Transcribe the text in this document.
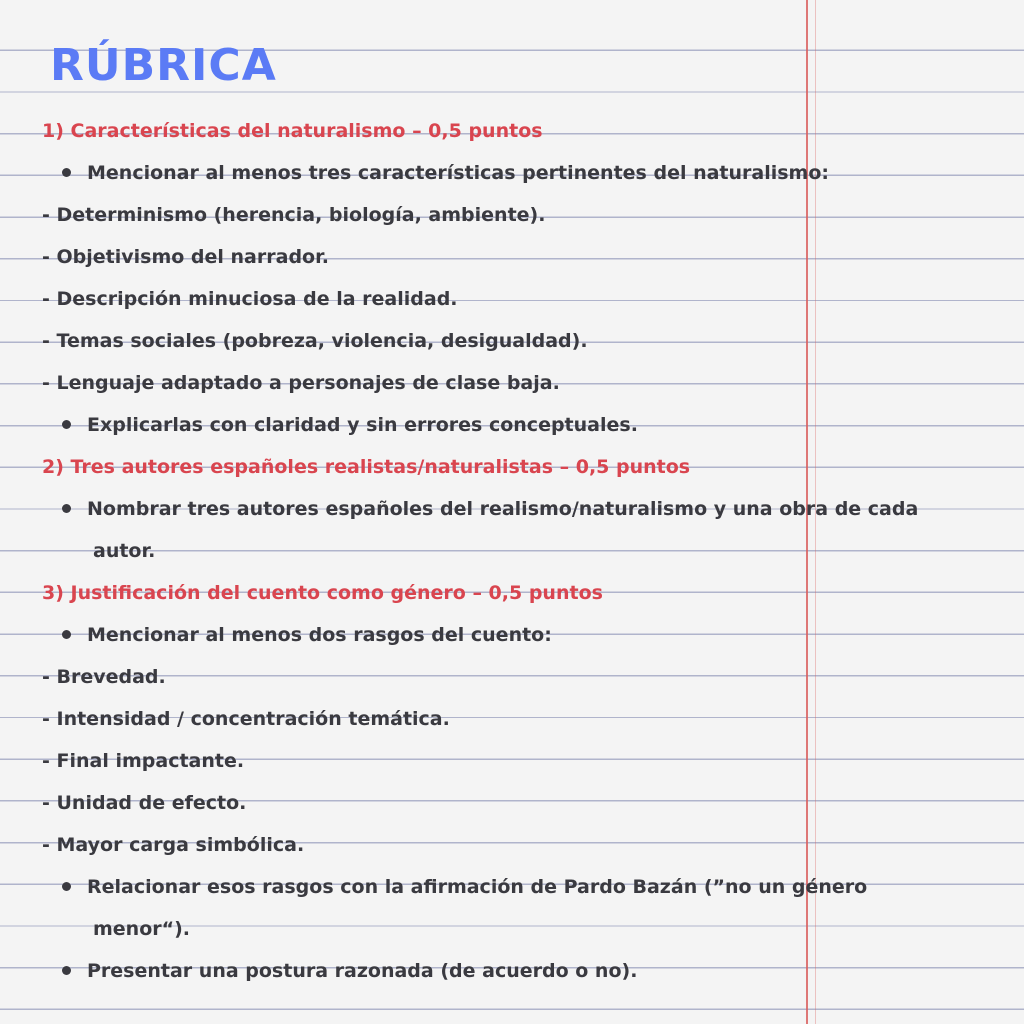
RÚBRICA
1) Características del naturalismo – 0,5 puntos
Mencionar al menos tres características pertinentes del naturalismo:
- Determinismo (herencia, biología, ambiente).
- Objetivismo del narrador.
- Descripción minuciosa de la realidad.
- Temas sociales (pobreza, violencia, desigualdad).
- Lenguaje adaptado a personajes de clase baja.
Explicarlas con claridad y sin errores conceptuales.
2) Tres autores españoles realistas/naturalistas – 0,5 puntos
Nombrar tres autores españoles del realismo/naturalismo y una obra de cada
autor.
3) Justificación del cuento como género – 0,5 puntos
Mencionar al menos dos rasgos del cuento:
- Brevedad.
- Intensidad / concentración temática.
- Final impactante.
- Unidad de efecto.
- Mayor carga simbólica.
Relacionar esos rasgos con la afirmación de Pardo Bazán (”no un género
menor“).
Presentar una postura razonada (de acuerdo o no).
